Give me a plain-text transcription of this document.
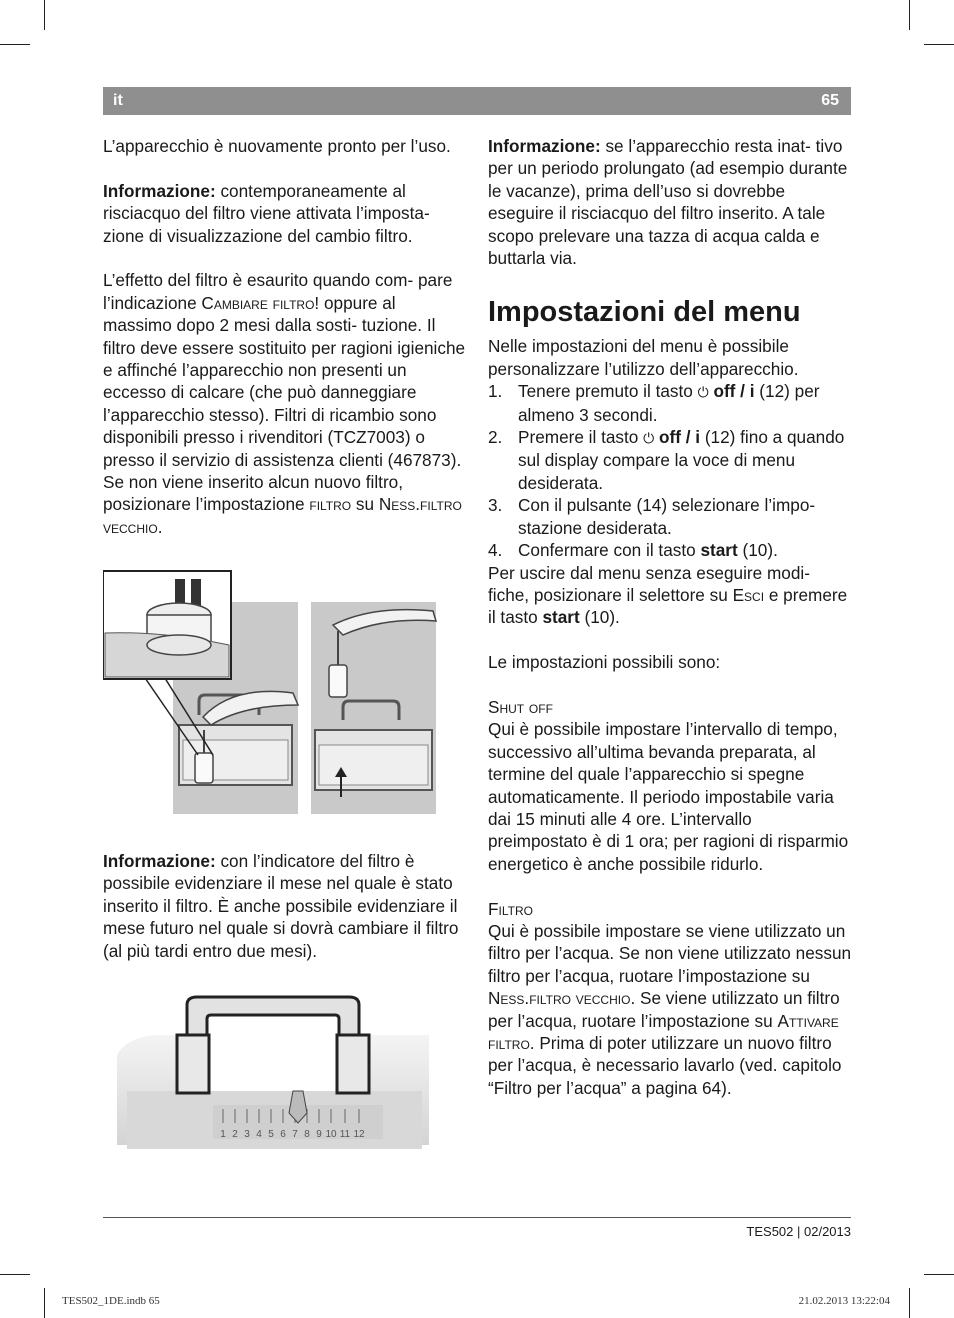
it	65

L’apparecchio è nuovamente pronto per l’uso.

Informazione: contemporaneamente al risciacquo del filtro viene attivata l’imposta- zione di visualizzazione del cambio filtro.

L’effetto del filtro è esaurito quando com- pare l’indicazione Cambiare filtro! oppure al massimo dopo 2 mesi dalla sosti- tuzione. Il filtro deve essere sostituito per ragioni igieniche e affinché l’apparecchio non presenti un eccesso di calcare (che può danneggiare l’apparecchio stesso). Filtri di ricambio sono disponibili presso i rivenditori (TCZ7003) o presso il servizio di assistenza clienti (467873).

Se non viene inserito alcun nuovo filtro, posizionare l’impostazione filtro su Ness.filtro vecchio.

Informazione: con l’indicatore del filtro è possibile evidenziare il mese nel quale è stato inserito il filtro. È anche possibile evidenziare il mese futuro nel quale si dovrà cambiare il filtro (al più tardi entro due mesi).

1 2 3 4 5 6 7 8 9 10 11 12

Informazione: se l’apparecchio resta inat- tivo per un periodo prolungato (ad esempio durante le vacanze), prima dell’uso si dovrebbe eseguire il risciacquo del filtro inserito. A tale scopo prelevare una tazza di acqua calda e buttarla via.

Impostazioni del menu

Nelle impostazioni del menu è possibile personalizzare l’utilizzo dell’apparecchio.

1. Tenere premuto il tasto ⏻ off / i (12) per almeno 3 secondi.
2. Premere il tasto ⏻ off / i (12) fino a quando sul display compare la voce di menu desiderata.
3. Con il pulsante (14) selezionare l’impo- stazione desiderata.
4. Confermare con il tasto start (10).

Per uscire dal menu senza eseguire modi- fiche, posizionare il selettore su Esci e premere il tasto start (10).

Le impostazioni possibili sono:

Shut off

Qui è possibile impostare l’intervallo di tempo, successivo all’ultima bevanda preparata, al termine del quale l’apparecchio si spegne automaticamente. Il periodo impostabile varia dai 15 minuti alle 4 ore. L’intervallo preimpostato è di 1 ora; per ragioni di risparmio energetico è anche possibile ridurlo.

Filtro

Qui è possibile impostare se viene utilizzato un filtro per l’acqua. Se non viene utilizzato nessun filtro per l’acqua, ruotare l’impostazione su Ness.filtro vecchio. Se viene utilizzato un filtro per l’acqua, ruotare l’impostazione su Attivare filtro. Prima di poter utilizzare un nuovo filtro per l’acqua, è necessario lavarlo (ved. capitolo “Filtro per l’acqua” a pagina 64).

TES502 | 02/2013
TES502_1DE.indb 65	21.02.2013 13:22:04
